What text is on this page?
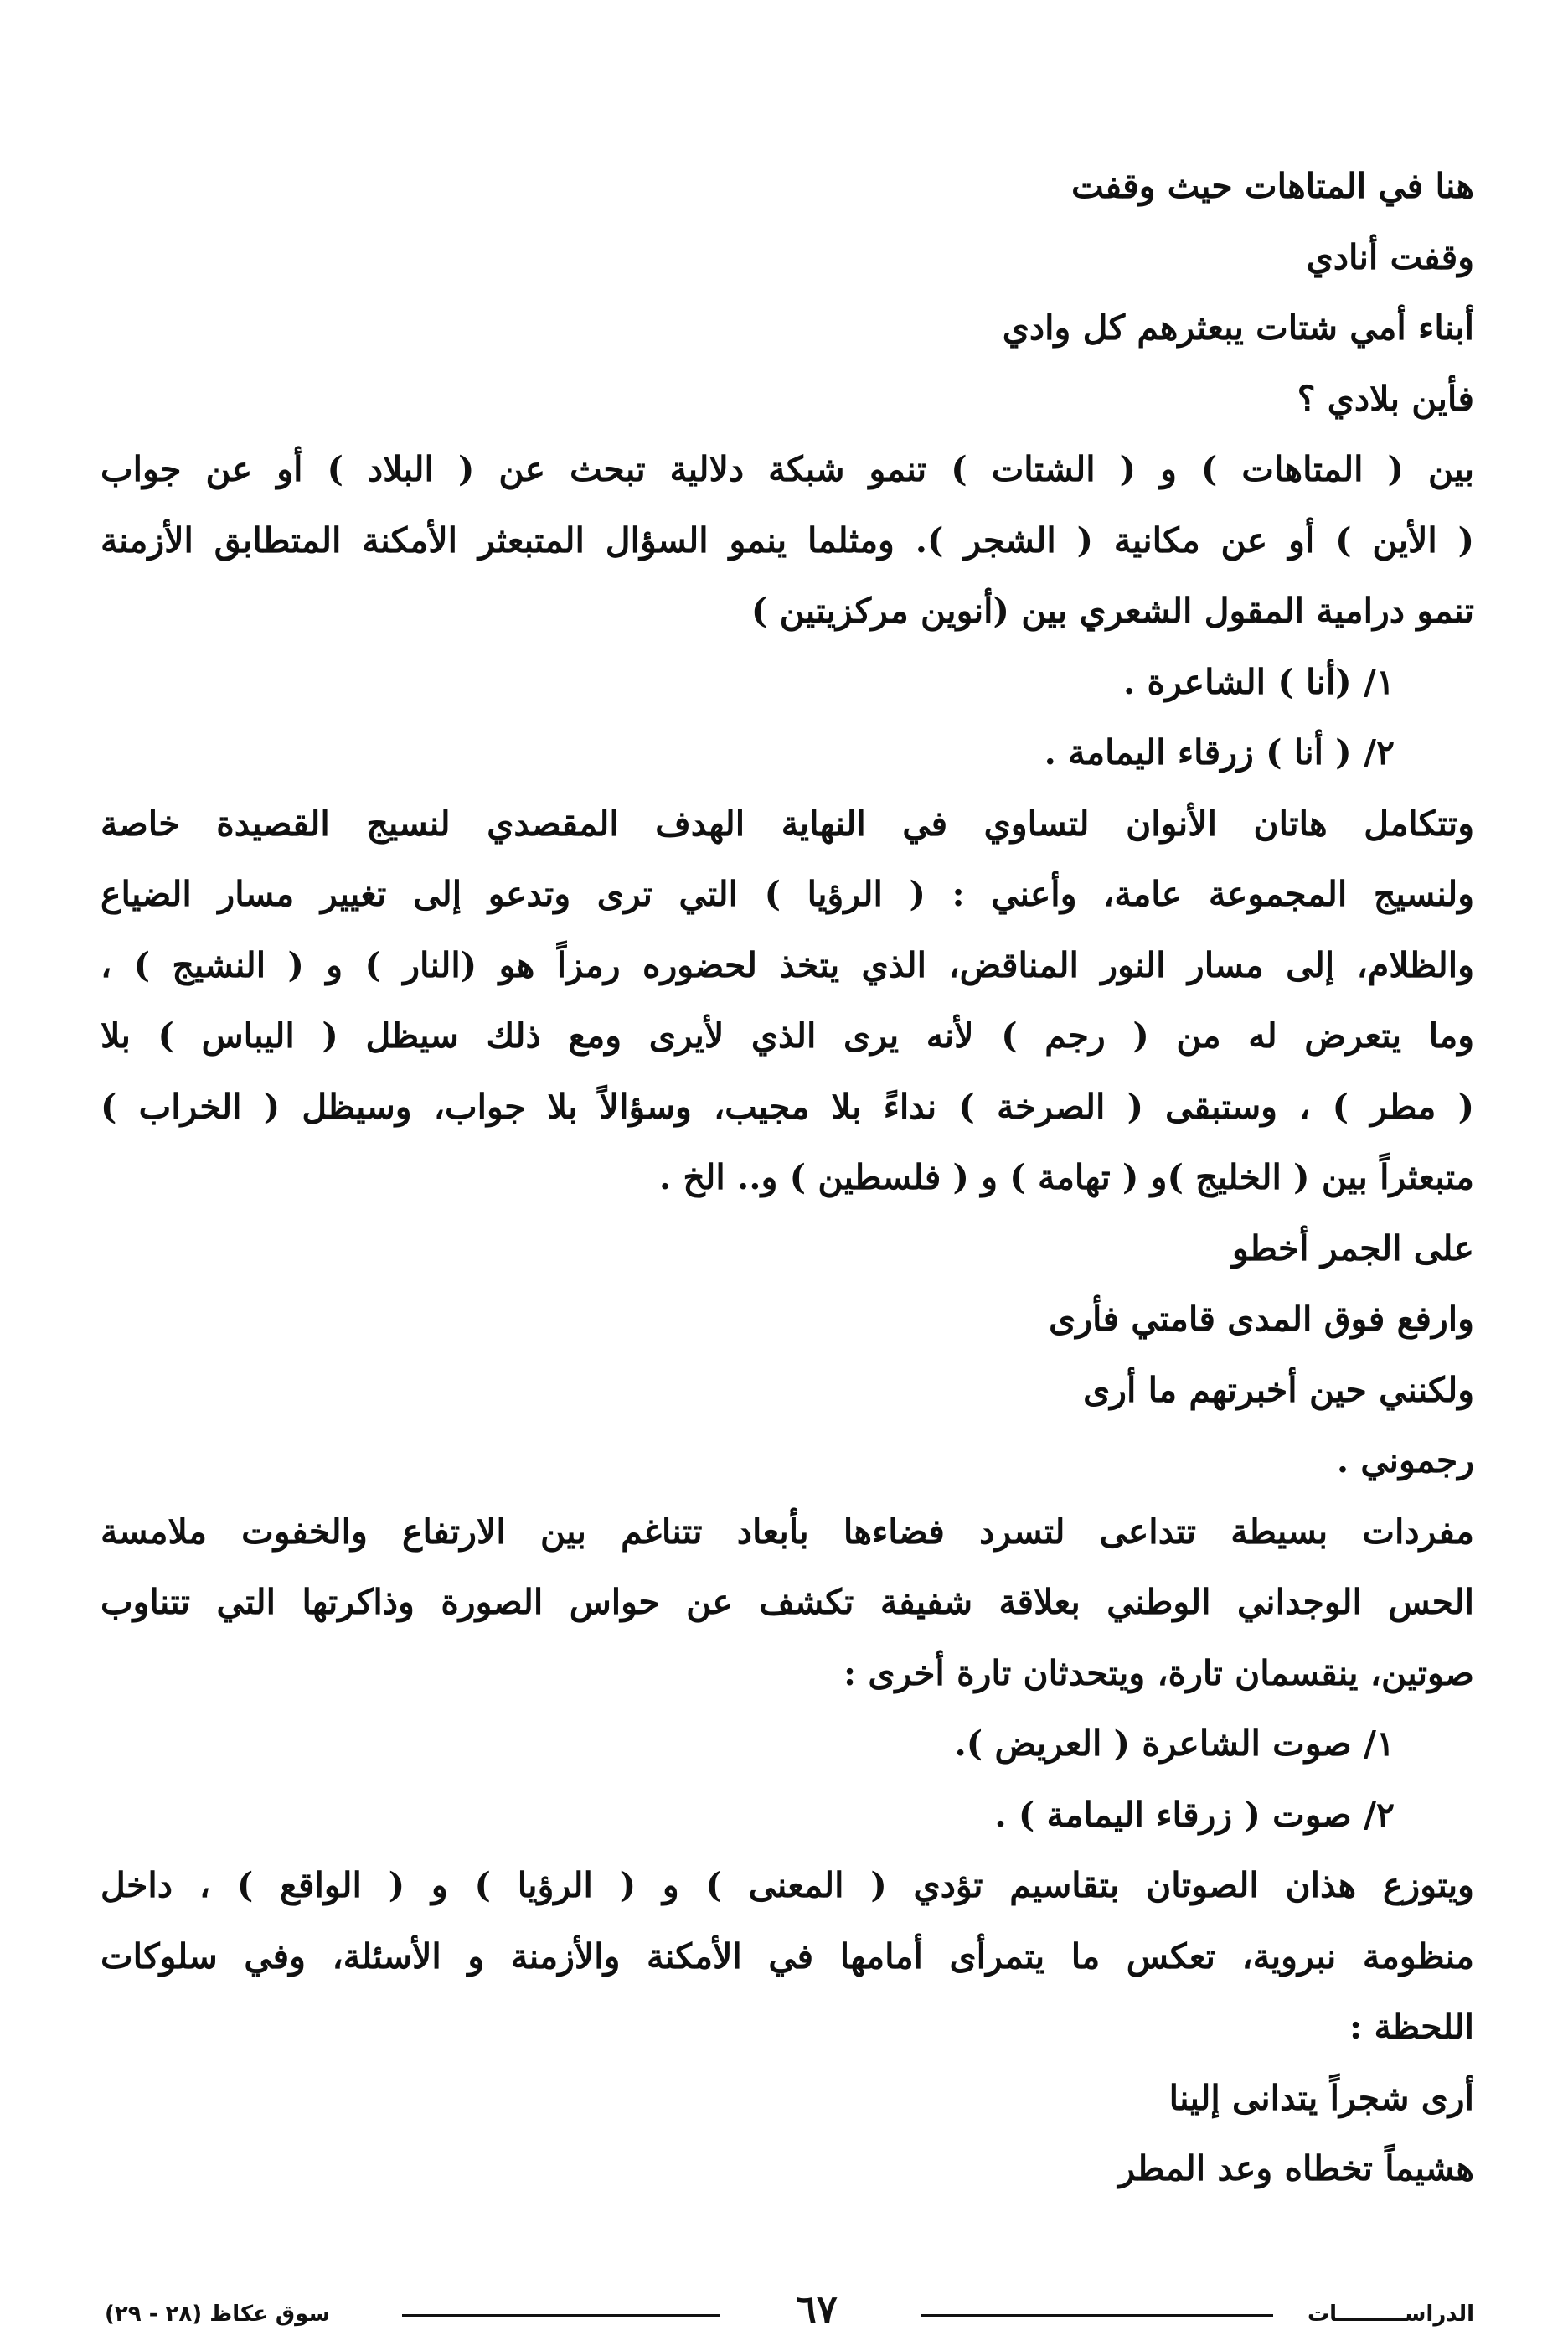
هنا في المتاهات حيث وقفت
وقفت أنادي
أبناء أمي شتات يبعثرهم كل وادي
فأين بلادي ؟
بين ( المتاهات ) و ( الشتات ) تنمو شبكة دلالية تبحث عن ( البلاد ) أو عن جواب
( الأين ) أو عن مكانية ( الشجر ). ومثلما ينمو السؤال المتبعثر الأمكنة المتطابق الأزمنة
تنمو درامية المقول الشعري بين (أنوين مركزيتين )
١/ (أنا ) الشاعرة .
٢/ ( أنا ) زرقاء اليمامة .
وتتكامل هاتان الأنوان لتساوي في النهاية الهدف المقصدي لنسيج القصيدة خاصة
ولنسيج المجموعة عامة، وأعني : ( الرؤيا ) التي ترى وتدعو إلى تغيير مسار الضياع
والظلام، إلى مسار النور المناقض، الذي يتخذ لحضوره رمزاً هو (النار ) و ( النشيج ) ،
وما يتعرض له من ( رجم ) لأنه يرى الذي لأيرى ومع ذلك سيظل ( اليباس ) بلا
( مطر ) ، وستبقى ( الصرخة ) نداءً بلا مجيب، وسؤالاً بلا جواب، وسيظل ( الخراب )
متبعثراً بين ( الخليج )و ( تهامة ) و ( فلسطين ) و.. الخ .
على الجمر أخطو
وارفع فوق المدى قامتي فأرى
ولكنني حين أخبرتهم ما أرى
رجموني .
مفردات بسيطة تتداعى لتسرد فضاءها بأبعاد تتناغم بين الارتفاع والخفوت ملامسة
الحس الوجداني الوطني بعلاقة شفيفة تكشف عن حواس الصورة وذاكرتها التي تتناوب
صوتين، ينقسمان تارة، ويتحدثان تارة أخرى :
١/ صوت الشاعرة ( العريض ).
٢/ صوت ( زرقاء اليمامة ) .
ويتوزع هذان الصوتان بتقاسيم تؤدي ( المعنى ) و ( الرؤيا ) و ( الواقع ) ، داخل
منظومة نبروية، تعكس ما يتمرأى أمامها في الأمكنة والأزمنة و الأسئلة، وفي سلوكات
اللحظة :
أرى شجراً يتدانى إلينا
هشيماً تخطاه وعد المطر
سوق عكاظ (٢٨ - ٢٩)	٦٧	الدراســـــــــات
